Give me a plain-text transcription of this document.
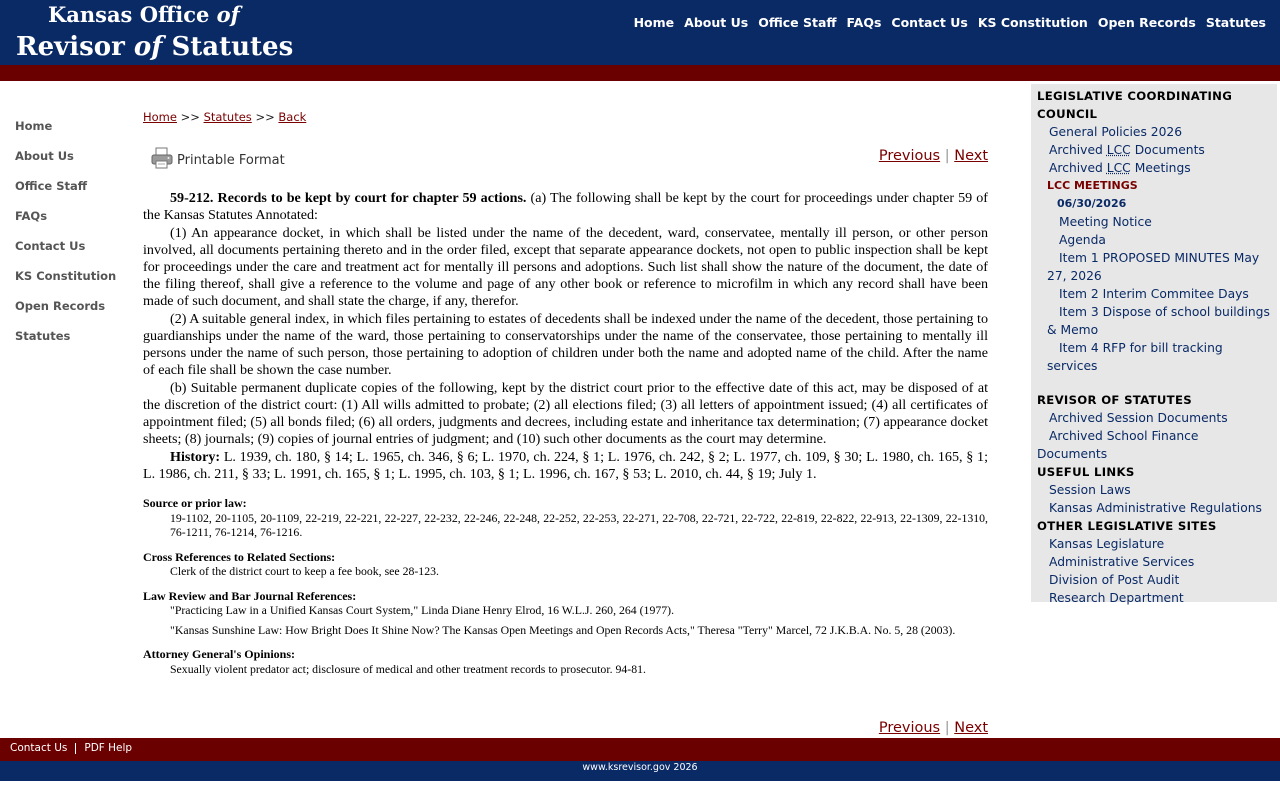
Kansas Office of
Revisor of Statutes
Home About Us Office Staff FAQs Contact Us KS Constitution Open Records Statutes
Home
About Us
Office Staff
FAQs
Contact Us
KS Constitution
Open Records
Statutes
Home >> Statutes >> Back
Printable Format	Previous | Next

59-212. Records to be kept by court for chapter 59 actions. (a) The following shall be kept by the court for proceedings under chapter 59 of the Kansas Statutes Annotated:

(1) An appearance docket, in which shall be listed under the name of the decedent, ward, conservatee, mentally ill person, or other person involved, all documents pertaining thereto and in the order filed, except that separate appearance dockets, not open to public inspection shall be kept for proceedings under the care and treatment act for mentally ill persons and adoptions. Such list shall show the nature of the document, the date of the filing thereof, shall give a reference to the volume and page of any other book or reference to microfilm in which any record shall have been made of such document, and shall state the charge, if any, therefor.

(2) A suitable general index, in which files pertaining to estates of decedents shall be indexed under the name of the decedent, those pertaining to guardianships under the name of the ward, those pertaining to conservatorships under the name of the conservatee, those pertaining to mentally ill persons under the name of such person, those pertaining to adoption of children under both the name and adopted name of the child. After the name of each file shall be shown the case number.

(b) Suitable permanent duplicate copies of the following, kept by the district court prior to the effective date of this act, may be disposed of at the discretion of the district court: (1) All wills admitted to probate; (2) all elections filed; (3) all letters of appointment issued; (4) all certificates of appointment filed; (5) all bonds filed; (6) all orders, judgments and decrees, including estate and inheritance tax determination; (7) appearance docket sheets; (8) journals; (9) copies of journal entries of judgment; and (10) such other documents as the court may determine.

History: L. 1939, ch. 180, § 14; L. 1965, ch. 346, § 6; L. 1970, ch. 224, § 1; L. 1976, ch. 242, § 2; L. 1977, ch. 109, § 30; L. 1980, ch. 165, § 1; L. 1986, ch. 211, § 33; L. 1991, ch. 165, § 1; L. 1995, ch. 103, § 1; L. 1996, ch. 167, § 53; L. 2010, ch. 44, § 19; July 1.

Source or prior law:

19-1102, 20-1105, 20-1109, 22-219, 22-221, 22-227, 22-232, 22-246, 22-248, 22-252, 22-253, 22-271, 22-708, 22-721, 22-722, 22-819, 22-822, 22-913, 22-1309, 22-1310, 76-1211, 76-1214, 76-1216.

Cross References to Related Sections:

Clerk of the district court to keep a fee book, see 28-123.

Law Review and Bar Journal References:

"Practicing Law in a Unified Kansas Court System," Linda Diane Henry Elrod, 16 W.L.J. 260, 264 (1977).

"Kansas Sunshine Law: How Bright Does It Shine Now? The Kansas Open Meetings and Open Records Acts," Theresa "Terry" Marcel, 72 J.K.B.A. No. 5, 28 (2003).

Attorney General's Opinions:

Sexually violent predator act; disclosure of medical and other treatment records to prosecutor. 94-81.

Previous | Next
LEGISLATIVE COORDINATING COUNCIL
General Policies 2026
Archived LCC Documents
Archived LCC Meetings
LCC MEETINGS
06/30/2026
Meeting Notice
Agenda
Item 1 PROPOSED MINUTES May 27, 2026
Item 2 Interim Commitee Days
Item 3 Dispose of school buildings & Memo
Item 4 RFP for bill tracking services
REVISOR OF STATUTES
Archived Session Documents
Archived School Finance Documents
USEFUL LINKS
Session Laws
Kansas Administrative Regulations
OTHER LEGISLATIVE SITES
Kansas Legislature
Administrative Services
Division of Post Audit
Research Department
Contact Us PDF Help
www.ksrevisor.gov 2026
